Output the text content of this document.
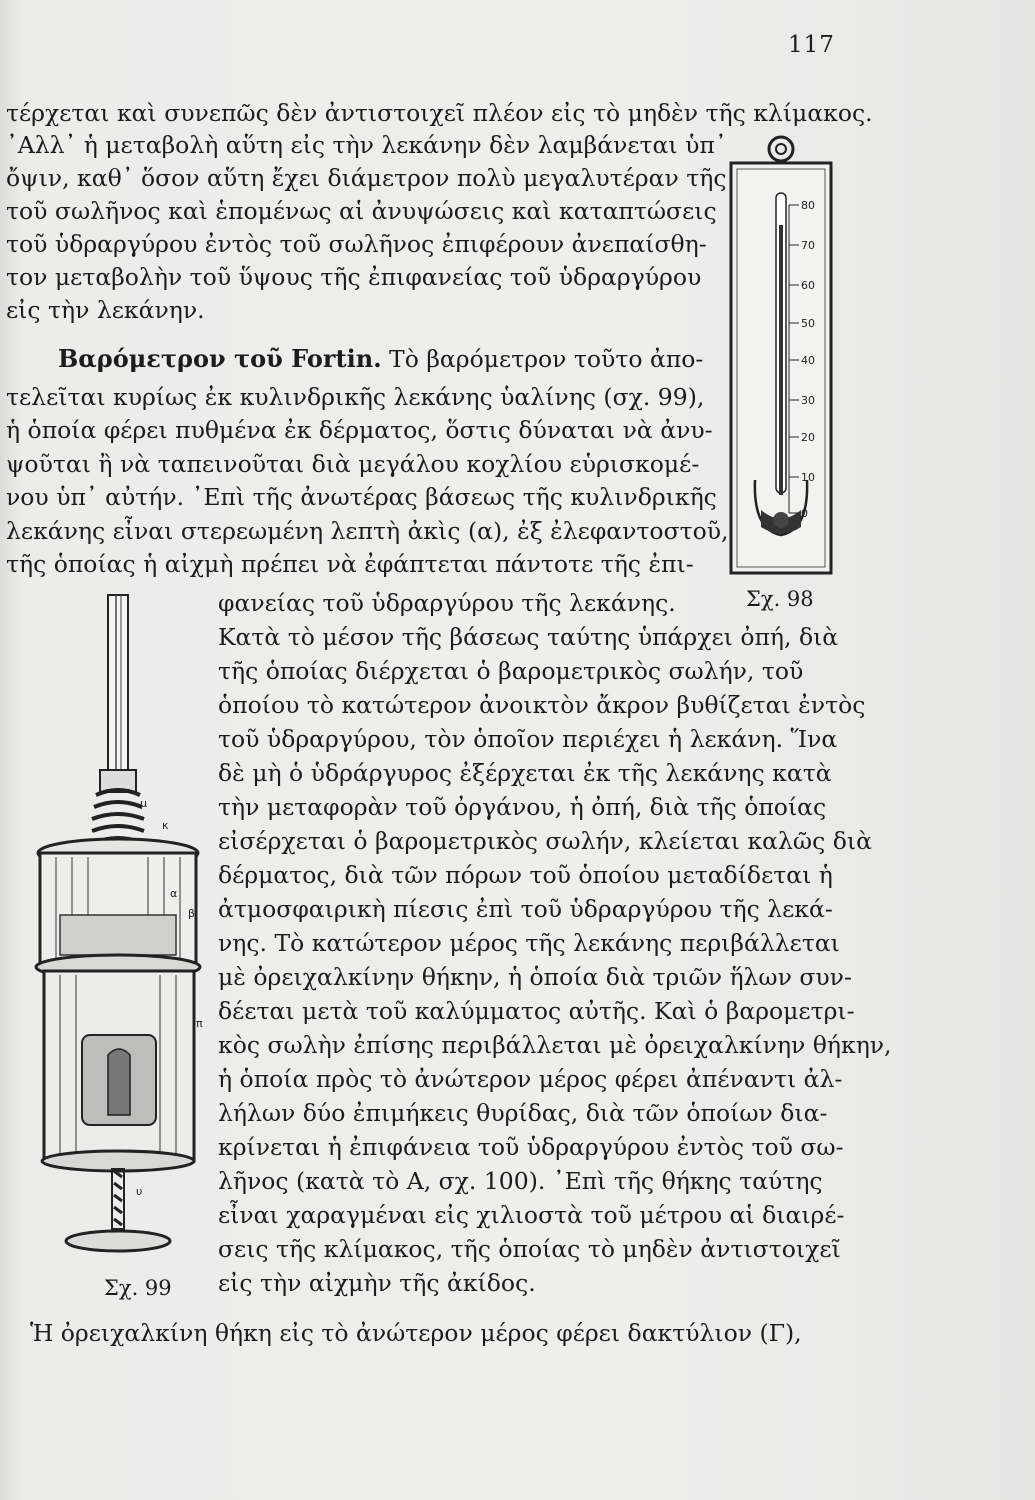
117
τέρχεται καὶ συνεπῶς δὲν ἀντιστοιχεῖ πλέον εἰς τὸ μηδὲν τῆς κλίμακος.
᾽Αλλ᾽ ἡ μεταβολὴ αὕτη εἰς τὴν λεκάνην δὲν λαμβάνεται ὑπ᾽
ὄψιν, καθ᾽ ὅσον αὕτη ἔχει διάμετρον πολὺ μεγαλυτέραν τῆς
τοῦ σωλῆνος καὶ ἑπομένως αἱ ἀνυψώσεις καὶ καταπτώσεις
τοῦ ὑδραργύρου ἐντὸς τοῦ σωλῆνος ἐπιφέρουν ἀνεπαίσθη-
τον μεταβολὴν τοῦ ὕψους τῆς ἐπιφανείας τοῦ ὑδραργύρου
εἰς τὴν λεκάνην.
Βαρόμετρον τοῦ Fortin. Τὸ βαρόμετρον τοῦτο ἀπο-
τελεῖται κυρίως ἐκ κυλινδρικῆς λεκάνης ὑαλίνης (σχ. 99),
ἡ ὁποία φέρει πυθμένα ἐκ δέρματος, ὅστις δύναται νὰ ἀνυ-
ψοῦται ἢ νὰ ταπεινοῦται διὰ μεγάλου κοχλίου εὑρισκομέ-
νου ὑπ᾽ αὐτήν. ᾽Επὶ τῆς ἀνωτέρας βάσεως τῆς κυλινδρικῆς
λεκάνης εἶναι στερεωμένη λεπτὴ ἀκὶς (α), ἐξ ἐλεφαντοστοῦ,
τῆς ὁποίας ἡ αἰχμὴ πρέπει νὰ ἐφάπτεται πάντοτε τῆς ἐπι-
φανείας τοῦ ὑδραργύρου τῆς λεκάνης.
Κατὰ τὸ μέσον τῆς βάσεως ταύτης ὑπάρχει ὀπή, διὰ
τῆς ὁποίας διέρχεται ὁ βαρομετρικὸς σωλήν, τοῦ
ὁποίου τὸ κατώτερον ἀνοικτὸν ἄκρον βυθίζεται ἐντὸς
τοῦ ὑδραργύρου, τὸν ὁποῖον περιέχει ἡ λεκάνη. Ἵνα
δὲ μὴ ὁ ὑδράργυρος ἐξέρχεται ἐκ τῆς λεκάνης κατὰ
τὴν μεταφορὰν τοῦ ὀργάνου, ἡ ὀπή, διὰ τῆς ὁποίας
εἰσέρχεται ὁ βαρομετρικὸς σωλήν, κλείεται καλῶς διὰ
δέρματος, διὰ τῶν πόρων τοῦ ὁποίου μεταδίδεται ἡ
ἀτμοσφαιρικὴ πίεσις ἐπὶ τοῦ ὑδραργύρου τῆς λεκά-
νης. Τὸ κατώτερον μέρος τῆς λεκάνης περιβάλλεται
μὲ ὀρειχαλκίνην θήκην, ἡ ὁποία διὰ τριῶν ἥλων συν-
δέεται μετὰ τοῦ καλύμματος αὐτῆς. Καὶ ὁ βαρομετρι-
κὸς σωλὴν ἐπίσης περιβάλλεται μὲ ὀρειχαλκίνην θήκην,
ἡ ὁποία πρὸς τὸ ἀνώτερον μέρος φέρει ἀπέναντι ἀλ-
λήλων δύο ἐπιμήκεις θυρίδας, διὰ τῶν ὁποίων δια-
κρίνεται ἡ ἐπιφάνεια τοῦ ὑδραργύρου ἐντὸς τοῦ σω-
λῆνος (κατὰ τὸ Α, σχ. 100). ᾽Επὶ τῆς θήκης ταύτης
εἶναι χαραγμέναι εἰς χιλιοστὰ τοῦ μέτρου αἱ διαιρέ-
σεις τῆς κλίμακος, τῆς ὁποίας τὸ μηδὲν ἀντιστοιχεῖ
εἰς τὴν αἰχμὴν τῆς ἀκίδος.
Ἡ ὀρειχαλκίνη θήκη εἰς τὸ ἀνώτερον μέρος φέρει δακτύλιον (Γ),
80
70
60
50
40
30
20
10
0
Σχ. 98
μ
κ
α
β
π
υ
Σχ. 99
